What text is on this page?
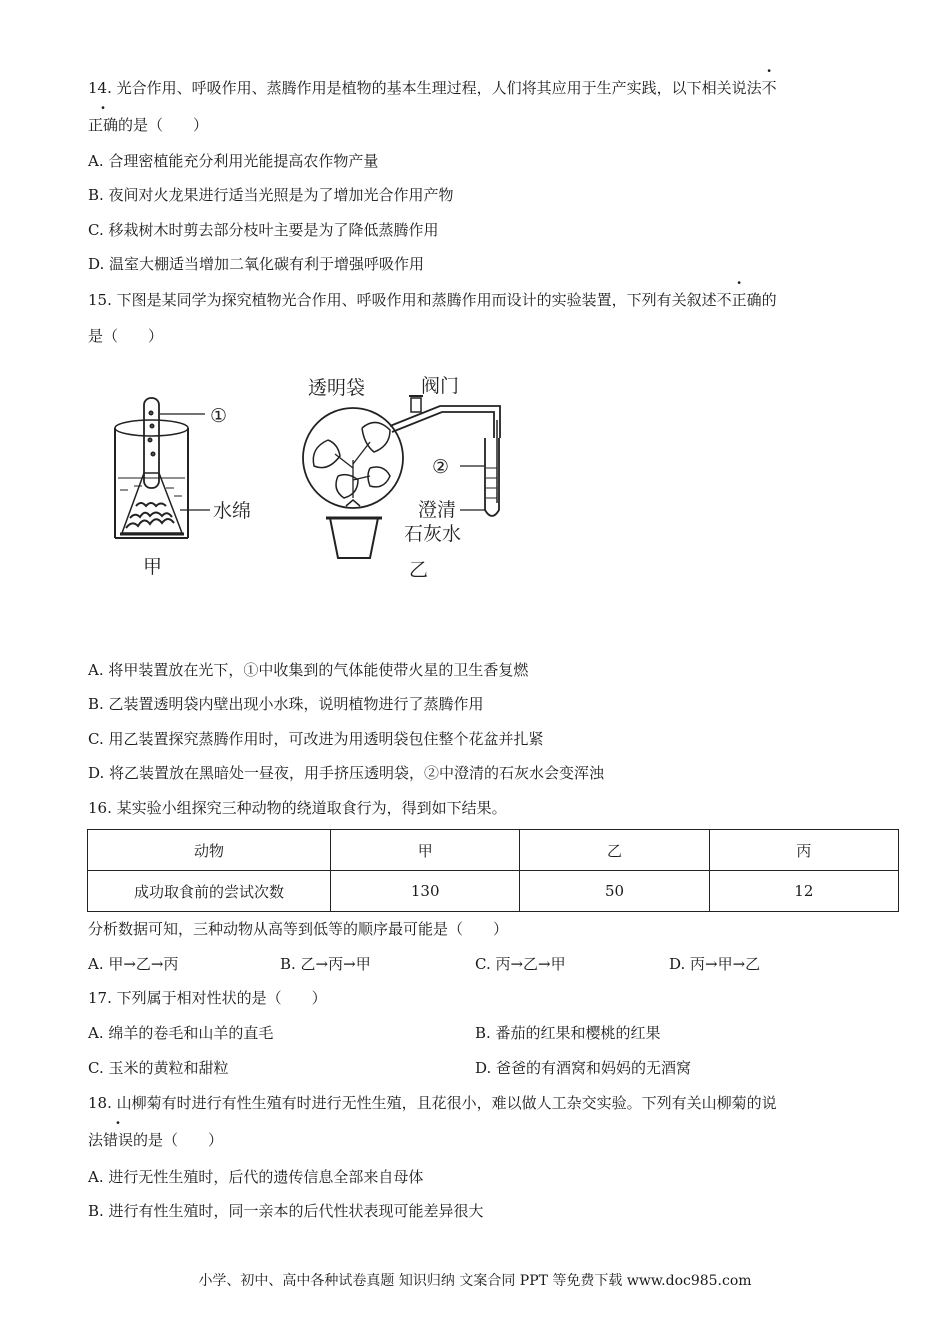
14. 光合作用、呼吸作用、蒸腾作用是植物的基本生理过程，人们将其应用于生产实践，以下相关说法不
正确的是（　　）
A. 合理密植能充分利用光能提高农作物产量
B. 夜间对火龙果进行适当光照是为了增加光合作用产物
C. 移栽树木时剪去部分枝叶主要是为了降低蒸腾作用
D. 温室大棚适当增加二氧化碳有利于增强呼吸作用
15. 下图是某同学为探究植物光合作用、呼吸作用和蒸腾作用而设计的实验装置，下列有关叙述不正确的
是（　　）
①
水绵
甲
透明袋	阀门
②
澄清
石灰水
乙
A. 将甲装置放在光下，①中收集到的气体能使带火星的卫生香复燃
B. 乙装置透明袋内壁出现小水珠，说明植物进行了蒸腾作用
C. 用乙装置探究蒸腾作用时，可改进为用透明袋包住整个花盆并扎紧
D. 将乙装置放在黑暗处一昼夜，用手挤压透明袋，②中澄清的石灰水会变浑浊
16. 某实验小组探究三种动物的绕道取食行为，得到如下结果。
动物	甲	乙	丙
成功取食前的尝试次数	130	50	12
分析数据可知，三种动物从高等到低等的顺序最可能是（　　）
A. 甲→乙→丙	B. 乙→丙→甲	C. 丙→乙→甲	D. 丙→甲→乙
17. 下列属于相对性状的是（　　）
A. 绵羊的卷毛和山羊的直毛	B. 番茄的红果和樱桃的红果
C. 玉米的黄粒和甜粒	D. 爸爸的有酒窝和妈妈的无酒窝
18. 山柳菊有时进行有性生殖有时进行无性生殖，且花很小，难以做人工杂交实验。下列有关山柳菊的说
法错误的是（　　）
A. 进行无性生殖时，后代的遗传信息全部来自母体
B. 进行有性生殖时，同一亲本的后代性状表现可能差异很大
小学、初中、高中各种试卷真题 知识归纳 文案合同 PPT 等免费下载 www.doc985.com
